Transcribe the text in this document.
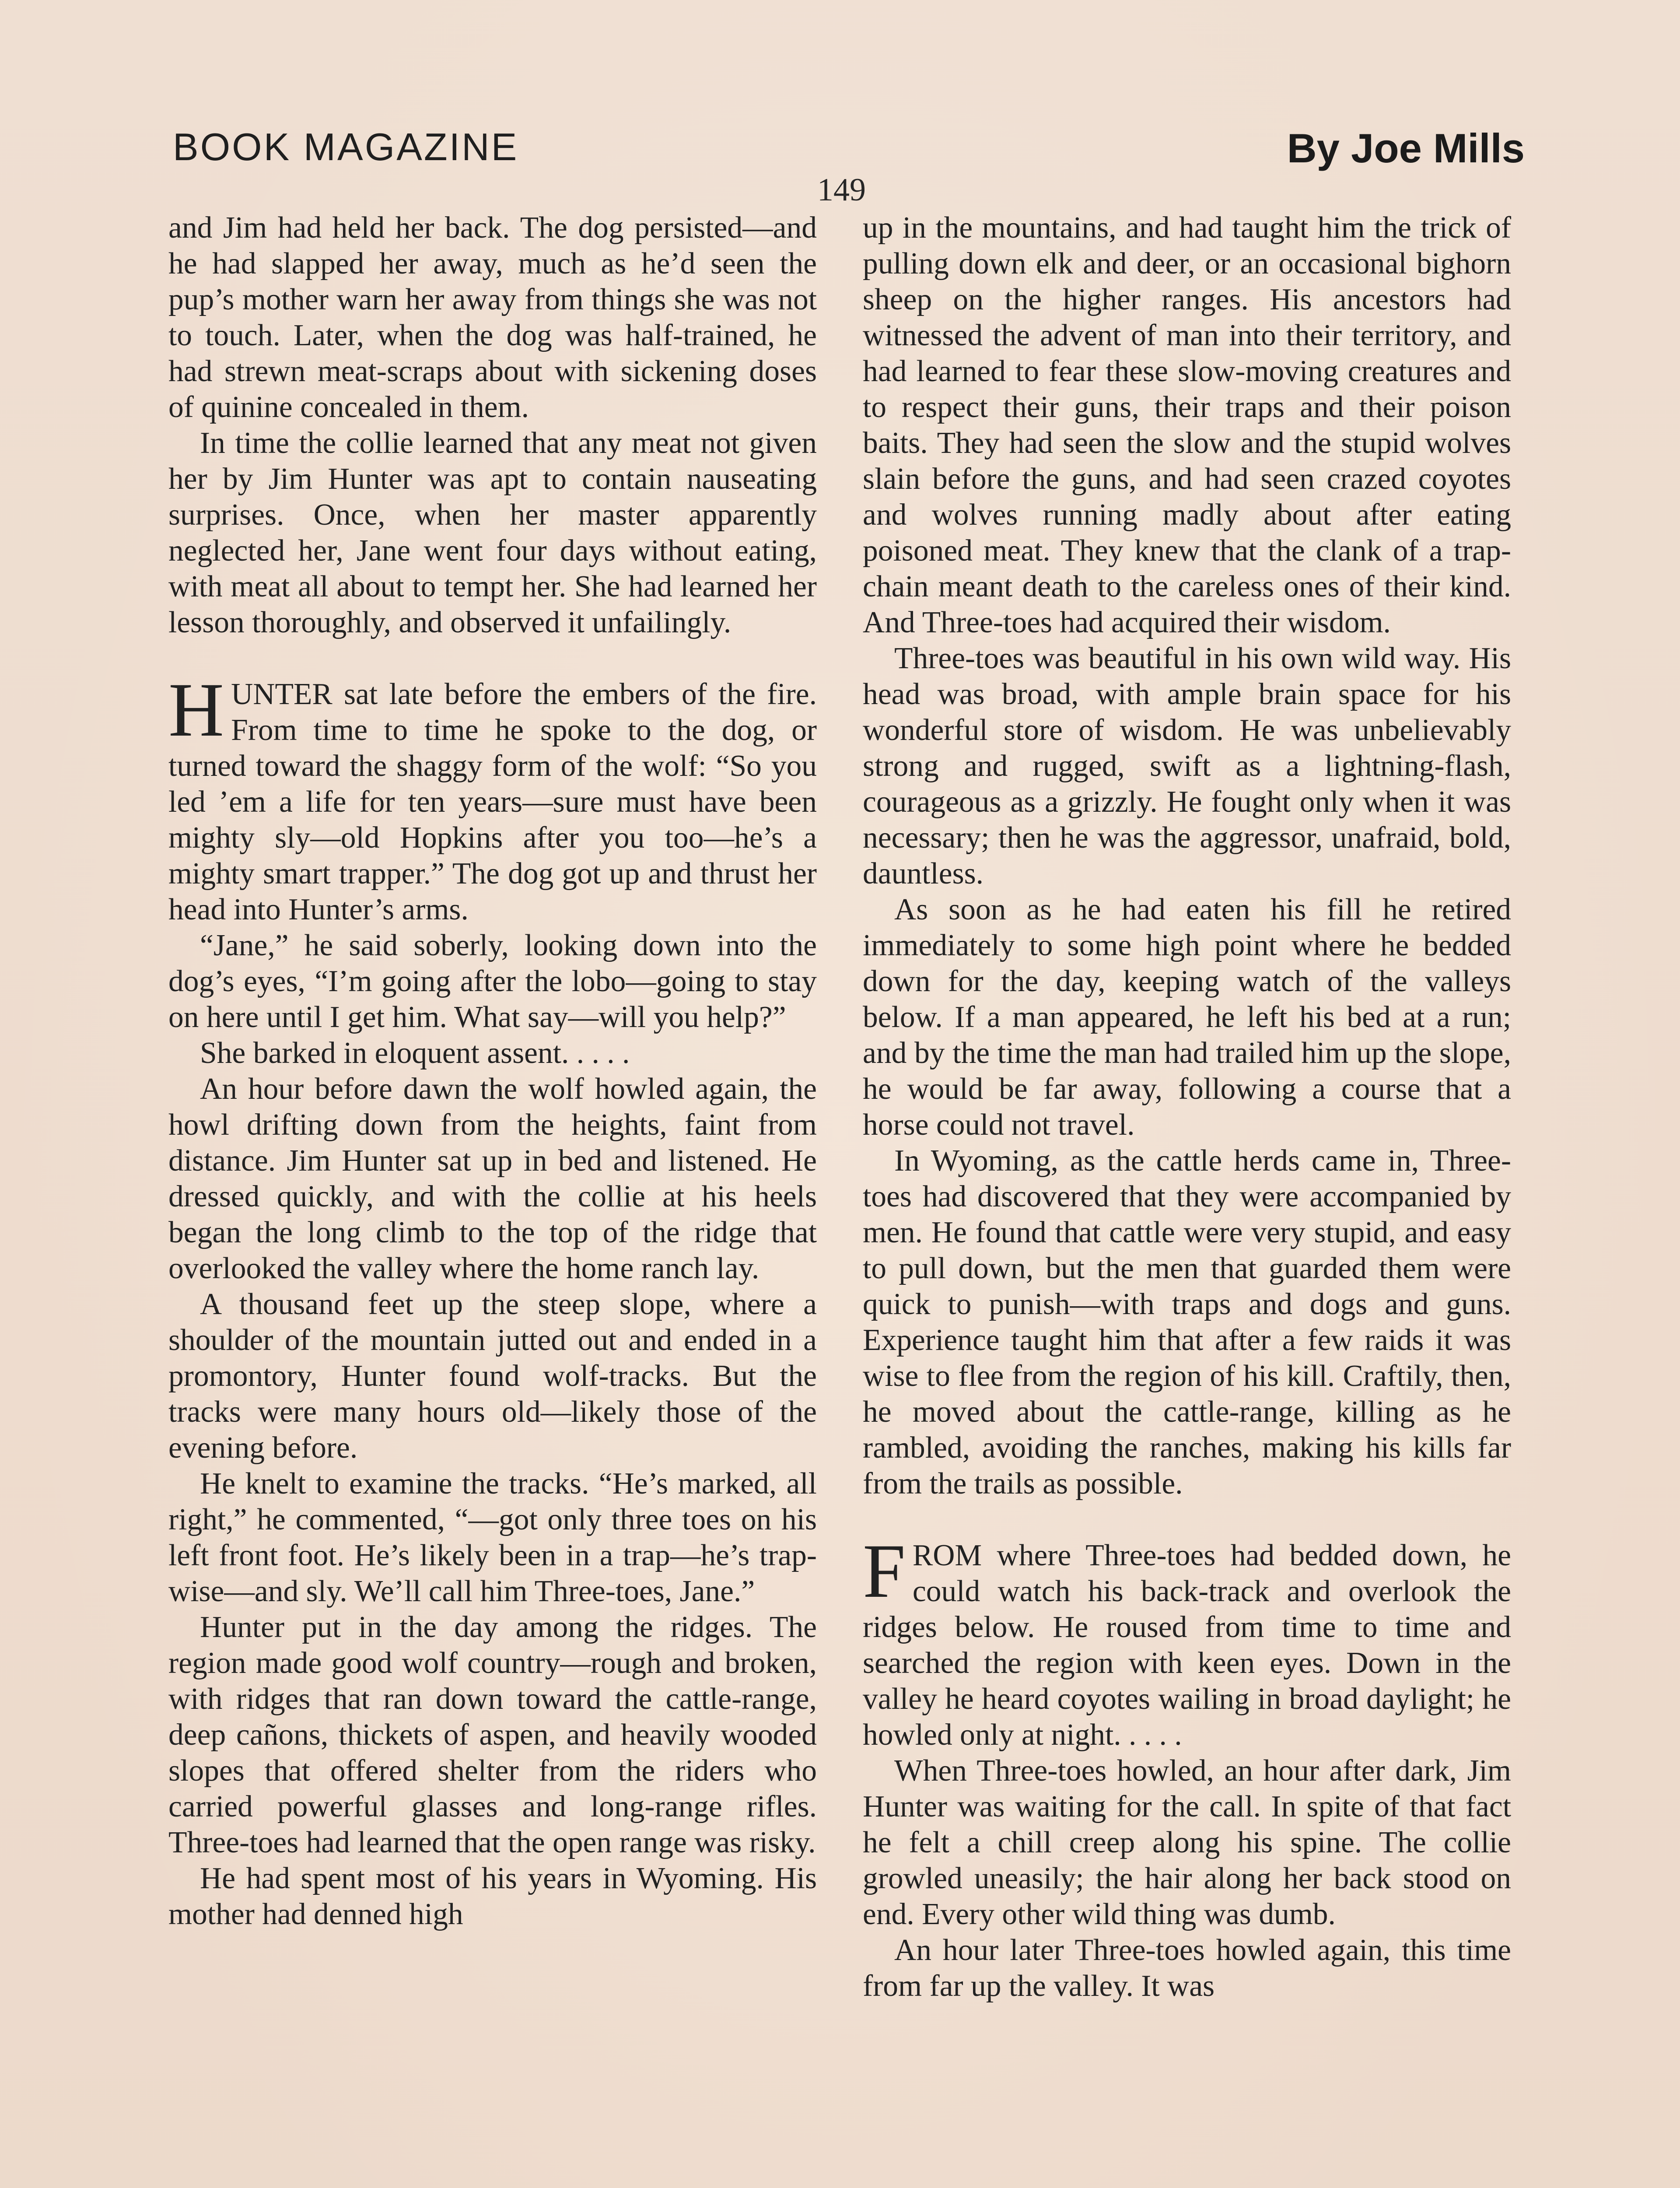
BOOK MAGAZINE	By Joe Mills
149

and Jim had held her back. The dog persisted—and he had slapped her away, much as he’d seen the pup’s mother warn her away from things she was not to touch. Later, when the dog was half-trained, he had strewn meat-scraps about with sickening doses of quinine concealed in them.

In time the collie learned that any meat not given her by Jim Hunter was apt to contain nauseating surprises. Once, when her master apparently neglected her, Jane went four days without eating, with meat all about to tempt her. She had learned her lesson thoroughly, and observed it unfailingly.

HUNTER sat late before the embers of the fire. From time to time he spoke to the dog, or turned toward the shaggy form of the wolf: “So you led ’em a life for ten years—sure must have been mighty sly—old Hopkins after you too—he’s a mighty smart trapper.” The dog got up and thrust her head into Hunter’s arms.

“Jane,” he said soberly, looking down into the dog’s eyes, “I’m going after the lobo—going to stay on here until I get him. What say—will you help?”

She barked in eloquent assent. . . . .

An hour before dawn the wolf howled again, the howl drifting down from the heights, faint from distance. Jim Hunter sat up in bed and listened. He dressed quickly, and with the collie at his heels began the long climb to the top of the ridge that overlooked the valley where the home ranch lay.

A thousand feet up the steep slope, where a shoulder of the mountain jutted out and ended in a promontory, Hunter found wolf-tracks. But the tracks were many hours old—likely those of the evening before.

He knelt to examine the tracks. “He’s marked, all right,” he commented, “—got only three toes on his left front foot. He’s likely been in a trap—he’s trap-wise—and sly. We’ll call him Three-toes, Jane.”

Hunter put in the day among the ridges. The region made good wolf country—rough and broken, with ridges that ran down toward the cattle-range, deep cañons, thickets of aspen, and heavily wooded slopes that offered shelter from the riders who carried powerful glasses and long-range rifles. Three-toes had learned that the open range was risky.

He had spent most of his years in Wyoming. His mother had denned high

up in the mountains, and had taught him the trick of pulling down elk and deer, or an occasional bighorn sheep on the higher ranges. His ancestors had witnessed the advent of man into their territory, and had learned to fear these slow-moving creatures and to respect their guns, their traps and their poison baits. They had seen the slow and the stupid wolves slain before the guns, and had seen crazed coyotes and wolves running madly about after eating poisoned meat. They knew that the clank of a trap-chain meant death to the careless ones of their kind. And Three-toes had acquired their wisdom.

Three-toes was beautiful in his own wild way. His head was broad, with ample brain space for his wonderful store of wisdom. He was unbelievably strong and rugged, swift as a lightning-flash, courageous as a grizzly. He fought only when it was necessary; then he was the aggressor, unafraid, bold, dauntless.

As soon as he had eaten his fill he retired immediately to some high point where he bedded down for the day, keeping watch of the valleys below. If a man appeared, he left his bed at a run; and by the time the man had trailed him up the slope, he would be far away, following a course that a horse could not travel.

In Wyoming, as the cattle herds came in, Three-toes had discovered that they were accompanied by men. He found that cattle were very stupid, and easy to pull down, but the men that guarded them were quick to punish—with traps and dogs and guns. Experience taught him that after a few raids it was wise to flee from the region of his kill. Craftily, then, he moved about the cattle-range, killing as he rambled, avoiding the ranches, making his kills far from the trails as possible.

FROM where Three-toes had bedded down, he could watch his back-track and overlook the ridges below. He roused from time to time and searched the region with keen eyes. Down in the valley he heard coyotes wailing in broad daylight; he howled only at night. . . . .

When Three-toes howled, an hour after dark, Jim Hunter was waiting for the call. In spite of that fact he felt a chill creep along his spine. The collie growled uneasily; the hair along her back stood on end. Every other wild thing was dumb.

An hour later Three-toes howled again, this time from far up the valley. It was
